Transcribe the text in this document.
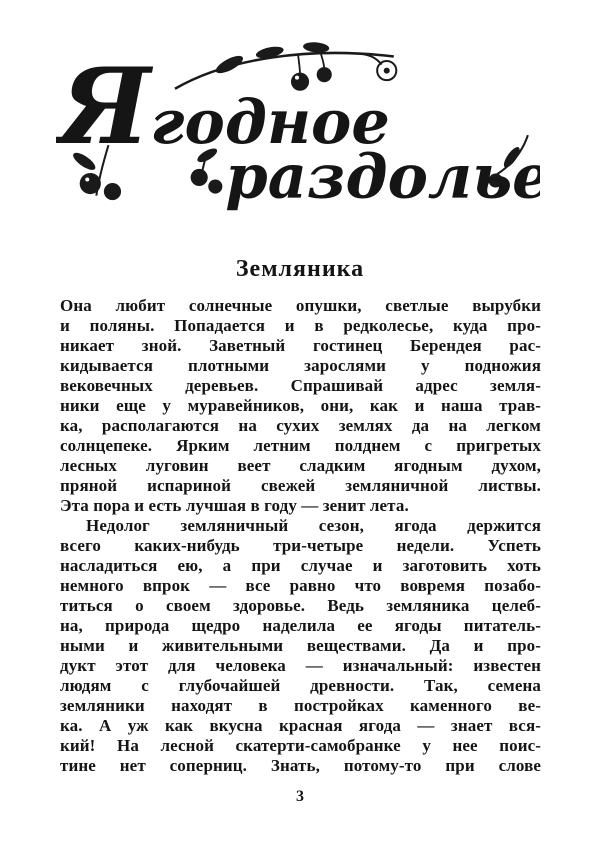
Ягодное
раздолье
Земляника
Она любит солнечные опушки, светлые вырубки
и поляны. Попадается и в редколесье, куда про-
никает зной. Заветный гостинец Берендея рас-
кидывается плотными зарослями у подножия
вековечных деревьев. Спрашивай адрес земля-
ники еще у муравейников, они, как и наша трав-
ка, располагаются на сухих землях да на легком
солнцепеке. Ярким летним полднем с пригретых
лесных луговин веет сладким ягодным духом,
пряной испариной свежей земляничной листвы.
Эта пора и есть лучшая в году — зенит лета.
Недолог земляничный сезон, ягода держится
всего каких-нибудь три-четыре недели. Успеть
насладиться ею, а при случае и заготовить хоть
немного впрок — все равно что вовремя позабо-
титься о своем здоровье. Ведь земляника целеб-
на, природа щедро наделила ее ягоды питатель-
ными и живительными веществами. Да и про-
дукт этот для человека — изначальный: известен
людям с глубочайшей древности. Так, семена
земляники находят в постройках каменного ве-
ка. А уж как вкусна красная ягода — знает вся-
кий! На лесной скатерти-самобранке у нее поис-
тине нет соперниц. Знать, потому-то при слове
3
